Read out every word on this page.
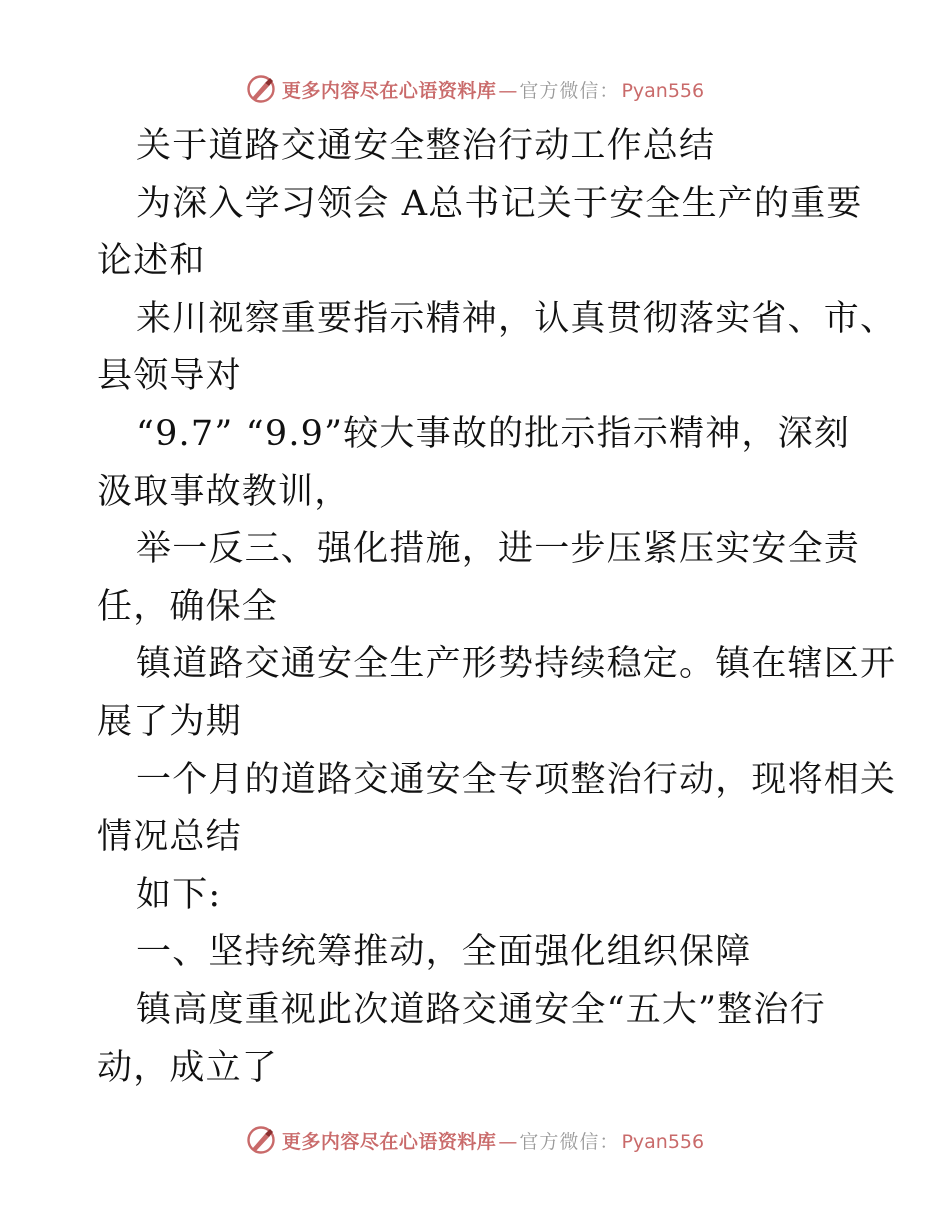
更多内容尽在心语资料库 — 官方微信： Pyan556
关于道路交通安全整治行动工作总结
为深入学习领会 A总书记关于安全生产的重要
论述和
来川视察重要指示精神，认真贯彻落实省、市、
县领导对
“9.7” “9.9”较大事故的批示指示精神，深刻
汲取事故教训，
举一反三、强化措施，进一步压紧压实安全责
任，确保全
镇道路交通安全生产形势持续稳定。镇在辖区开
展了为期
一个月的道路交通安全专项整治行动，现将相关
情况总结
如下:
一、坚持统筹推动，全面强化组织保障
镇高度重视此次道路交通安全“五大”整治行
动，成立了
更多内容尽在心语资料库 — 官方微信： Pyan556
